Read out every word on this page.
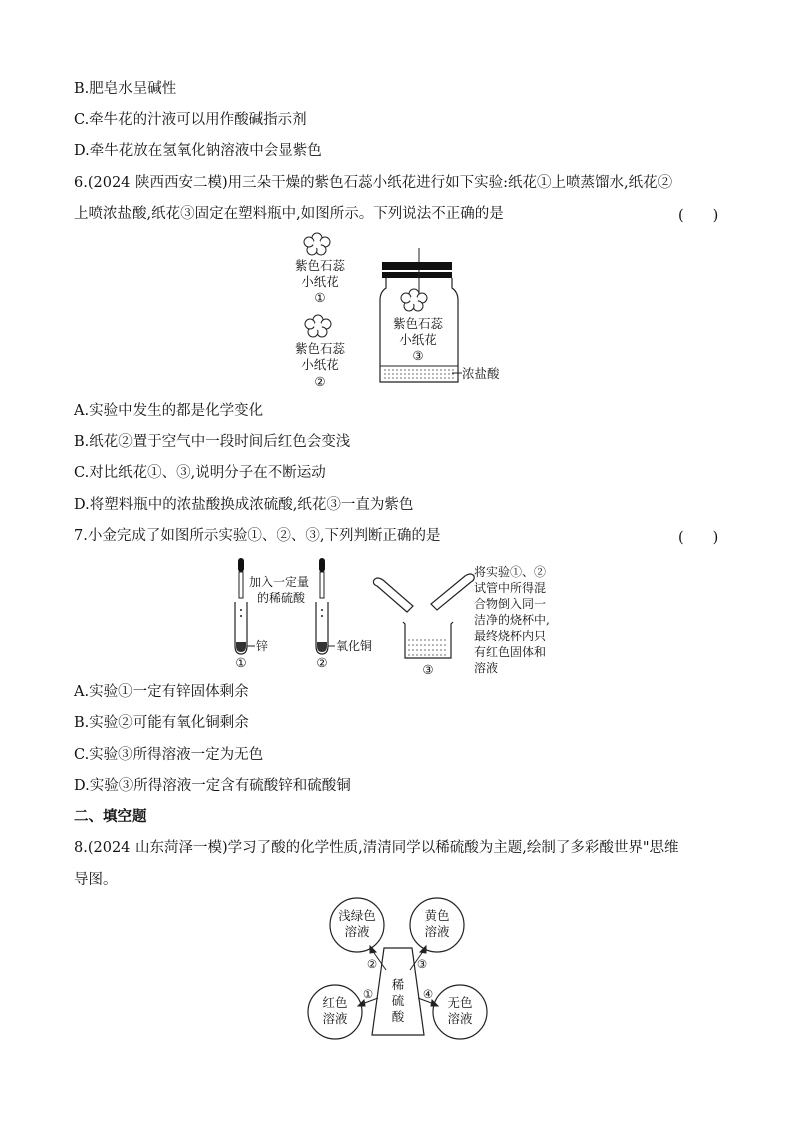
B.肥皂水呈碱性
C.牵牛花的汁液可以用作酸碱指示剂
D.牵牛花放在氢氧化钠溶液中会显紫色
6.(2024 陕西西安二模)用三朵干燥的紫色石蕊小纸花进行如下实验:纸花①上喷蒸馏水,纸花②
上喷浓盐酸,纸花③固定在塑料瓶中,如图所示。下列说法不正确的是	(　　)
紫色石蕊
小纸花
①
紫色石蕊
小纸花
②
紫色石蕊
小纸花
③
浓盐酸
A.实验中发生的都是化学变化
B.纸花②置于空气中一段时间后红色会变浅
C.对比纸花①、③,说明分子在不断运动
D.将塑料瓶中的浓盐酸换成浓硫酸,纸花③一直为紫色
7.小金完成了如图所示实验①、②、③,下列判断正确的是	(　　)
加入一定量
的稀硫酸
锌
①
氧化铜
②	③
将实验①、②
试管中所得混
合物倒入同一
洁净的烧杯中,
最终烧杯内只
有红色固体和
溶液
A.实验①一定有锌固体剩余
B.实验②可能有氧化铜剩余
C.实验③所得溶液一定为无色
D.实验③所得溶液一定含有硫酸锌和硫酸铜
二、填空题
8.(2024 山东菏泽一模)学习了酸的化学性质,清清同学以稀硫酸为主题,绘制了多彩酸世界"思维
导图。
浅绿色
溶液
黄色
溶液
红色
溶液
无色
溶液
稀
硫
酸
②	③
①	④
